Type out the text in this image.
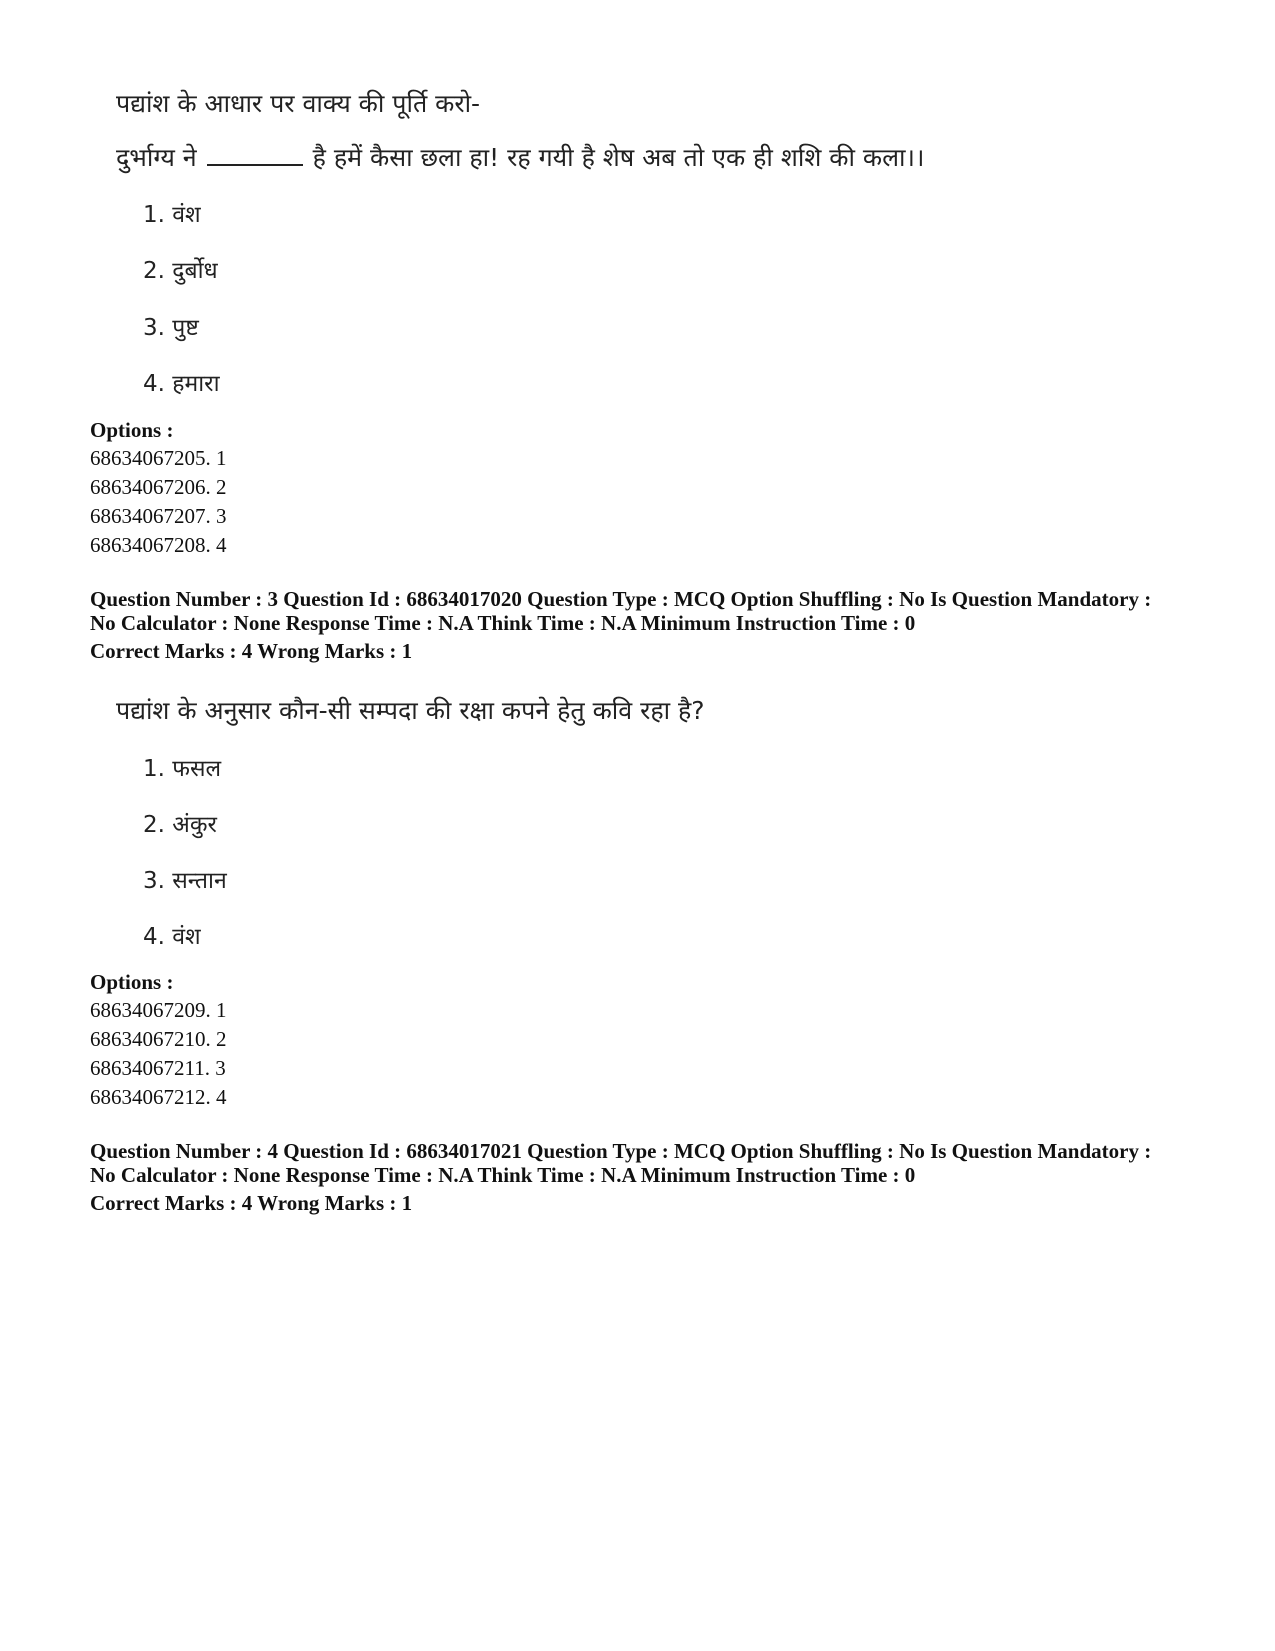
पद्यांश के आधार पर वाक्य की पूर्ति करो-
दुर्भाग्य ने	है हमें कैसा छला हा! रह गयी है शेष अब तो एक ही शशि की कला।।
1. वंश
2. दुर्बोध
3. पुष्ट
4. हमारा
Options :
68634067205. 1
68634067206. 2
68634067207. 3
68634067208. 4
Question Number : 3 Question Id : 68634017020 Question Type : MCQ Option Shuffling : No Is Question Mandatory :
No Calculator : None Response Time : N.A Think Time : N.A Minimum Instruction Time : 0
Correct Marks : 4 Wrong Marks : 1
पद्यांश के अनुसार कौन-सी सम्पदा की रक्षा कपने हेतु कवि रहा है?
1. फसल
2. अंकुर
3. सन्तान
4. वंश
Options :
68634067209. 1
68634067210. 2
68634067211. 3
68634067212. 4
Question Number : 4 Question Id : 68634017021 Question Type : MCQ Option Shuffling : No Is Question Mandatory :
No Calculator : None Response Time : N.A Think Time : N.A Minimum Instruction Time : 0
Correct Marks : 4 Wrong Marks : 1
